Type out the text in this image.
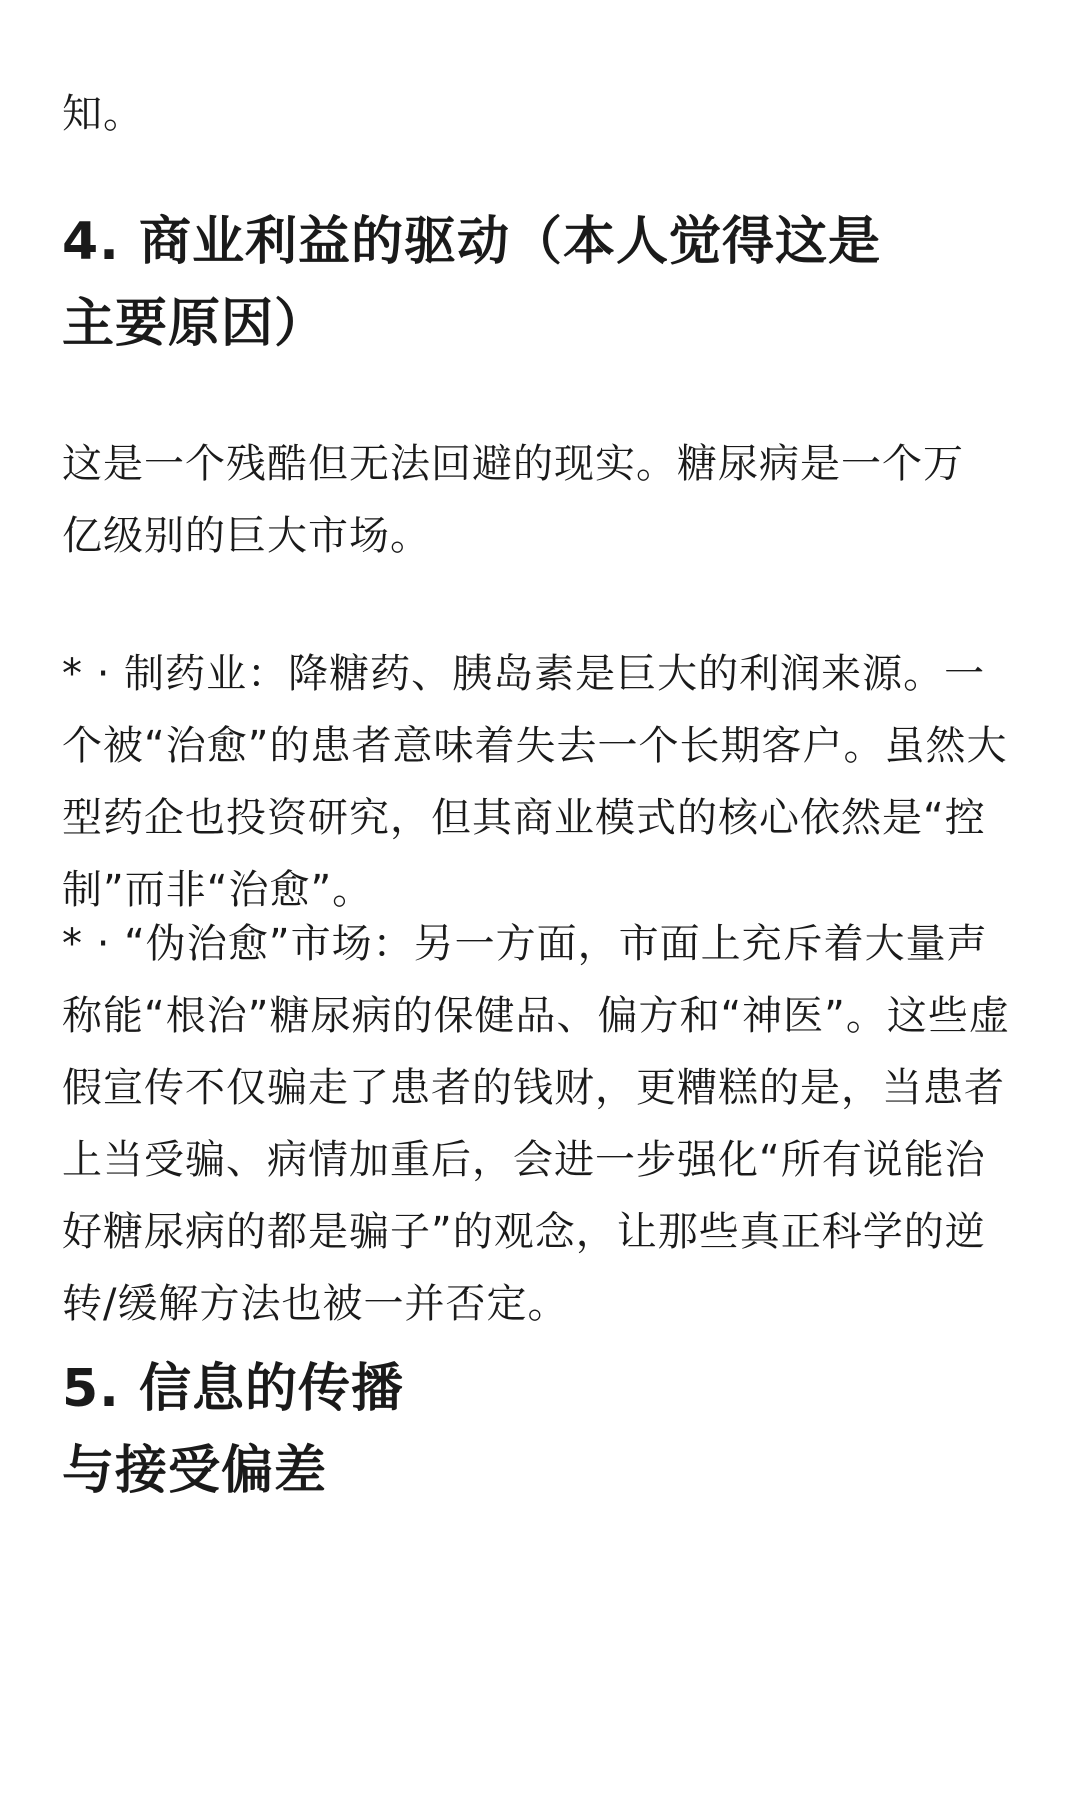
知。

4. 商业利益的驱动（本人觉得这是
主要原因）

这是一个残酷但无法回避的现实。糖尿病是一个万
亿级别的巨大市场。

* · 制药业：降糖药、胰岛素是巨大的利润来源。一
个被“治愈”的患者意味着失去一个长期客户。虽然大
型药企也投资研究，但其商业模式的核心依然是“控
制”而非“治愈”。

* · “伪治愈”市场：另一方面，市面上充斥着大量声
称能“根治”糖尿病的保健品、偏方和“神医”。这些虚
假宣传不仅骗走了患者的钱财，更糟糕的是，当患者
上当受骗、病情加重后，会进一步强化“所有说能治
好糖尿病的都是骗子”的观念，让那些真正科学的逆
转/缓解方法也被一并否定。

5. 信息的传播
与接受偏差
